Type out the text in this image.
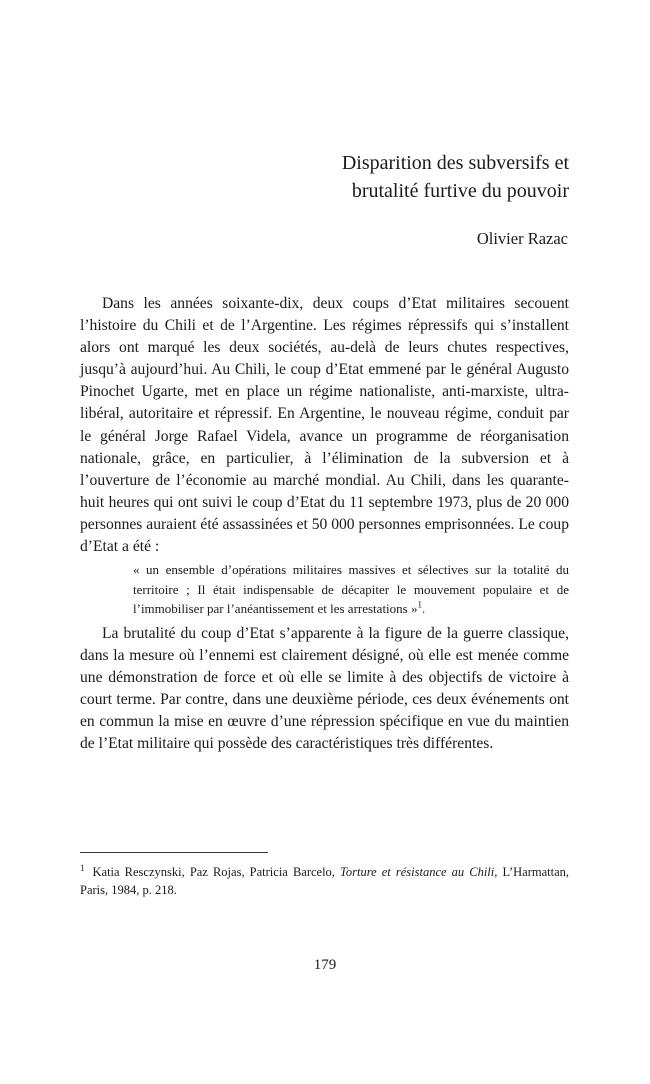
Disparition des subversifs et
brutalité furtive du pouvoir

Olivier Razac

Dans les années soixante-dix, deux coups d’Etat militaires secouent l’histoire du Chili et de l’Argentine. Les régimes répressifs qui s’installent alors ont marqué les deux sociétés, au-delà de leurs chutes respectives, jusqu’à aujourd’hui. Au Chili, le coup d’Etat emmené par le général Augusto Pinochet Ugarte, met en place un régime nationaliste, anti-marxiste, ultra-libéral, autoritaire et répressif. En Argentine, le nouveau régime, conduit par le général Jorge Rafael Videla, avance un programme de réorganisation nationale, grâce, en particulier, à l’élimination de la subversion et à l’ouverture de l’économie au marché mondial. Au Chili, dans les quarante-huit heures qui ont suivi le coup d’Etat du 11 septembre 1973, plus de 20 000 personnes auraient été assassinées et 50 000 personnes emprisonnées. Le coup d’Etat a été :

« un ensemble d’opérations militaires massives et sélectives sur la totalité du territoire ; Il était indispensable de décapiter le mouvement populaire et de l’immobiliser par l’anéantissement et les arrestations »$^1$.

La brutalité du coup d’Etat s’apparente à la figure de la guerre classique, dans la mesure où l’ennemi est clairement désigné, où elle est menée comme une démonstration de force et où elle se limite à des objectifs de victoire à court terme. Par contre, dans une deuxième période, ces deux événements ont en commun la mise en œuvre d’une répression spécifique en vue du maintien de l’Etat militaire qui possède des caractéristiques très différentes.

$^1$ Katia Resczynski, Paz Rojas, Patricia Barcelo, Torture et résistance au Chili, L’Harmattan, Paris, 1984, p. 218.

179
